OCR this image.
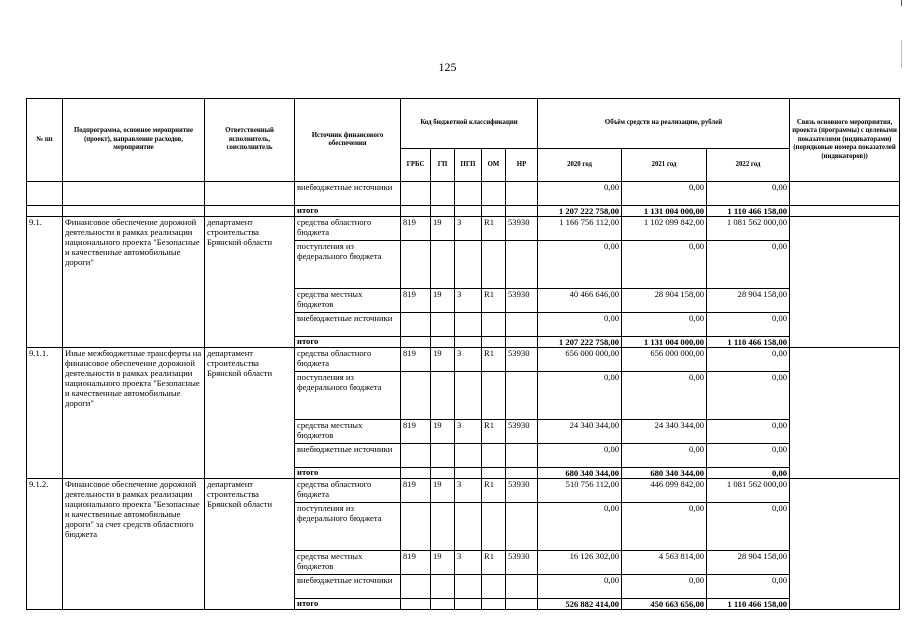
125
№ пп	Подпрограмма, основное мероприятие (проект), направление расходов, мероприятие	Ответственный исполнитель, соисполнитель	Источник финансового обеспечения	Код бюджетной классификации					Объём средств на реализацию, рублей			Связь основного мероприятия, проекта (программы) с целевыми показателями (индикаторами) (порядковые номера показателей (индикаторов))
				ГРБС	ГП	ПГП	ОМ	НР	2020 год	2021 год	2022 год	
			внебюджетные источники						0,00	0,00	0,00	
			итого						1 207 222 758,00	1 131 004 000,00	1 110 466 158,00	
9.1.	Финансовое обеспечение дорожной деятельности в рамках реализации национального проекта "Безопасные и качественные автомобильные дороги"	департамент строительства Брянской области	средства областного бюджета	819	19	3	R1	53930	1 166 756 112,00	1 102 099 842,00	1 081 562 000,00	
			поступления из федерального бюджета						0,00	0,00	0,00	
			средства местных бюджетов	819	19	3	R1	53930	40 466 646,00	28 904 158,00	28 904 158,00	
			внебюджетные источники						0,00	0,00	0,00	
			итого						1 207 222 758,00	1 131 004 000,00	1 110 466 158,00	
9.1.1.	Иные межбюджетные трансферты на финансовое обеспечение дорожной деятельности в рамках реализации национального проекта "Безопасные и качественные автомобильные дороги"	департамент строительства Брянской области	средства областного бюджета	819	19	3	R1	53930	656 000 000,00	656 000 000,00	0,00	
			поступления из федерального бюджета						0,00	0,00	0,00	
			средства местных бюджетов	819	19	3	R1	53930	24 340 344,00	24 340 344,00	0,00	
			внебюджетные источники						0,00	0,00	0,00	
			итого						680 340 344,00	680 340 344,00	0,00	
9.1.2.	Финансовое обеспечение дорожной деятельности в рамках реализации национального проекта "Безопасные и качественные автомобильные дороги" за счет средств областного бюджета	департамент строительства Брянской области	средства областного бюджета	819	19	3	R1	53930	510 756 112,00	446 099 842,00	1 081 562 000,00	
			поступления из федерального бюджета						0,00	0,00	0,00	
			средства местных бюджетов	819	19	3	R1	53930	16 126 302,00	4 563 814,00	28 904 158,00	
			внебюджетные источники						0,00	0,00	0,00	
			итого						526 882 414,00	450 663 656,00	1 110 466 158,00	
